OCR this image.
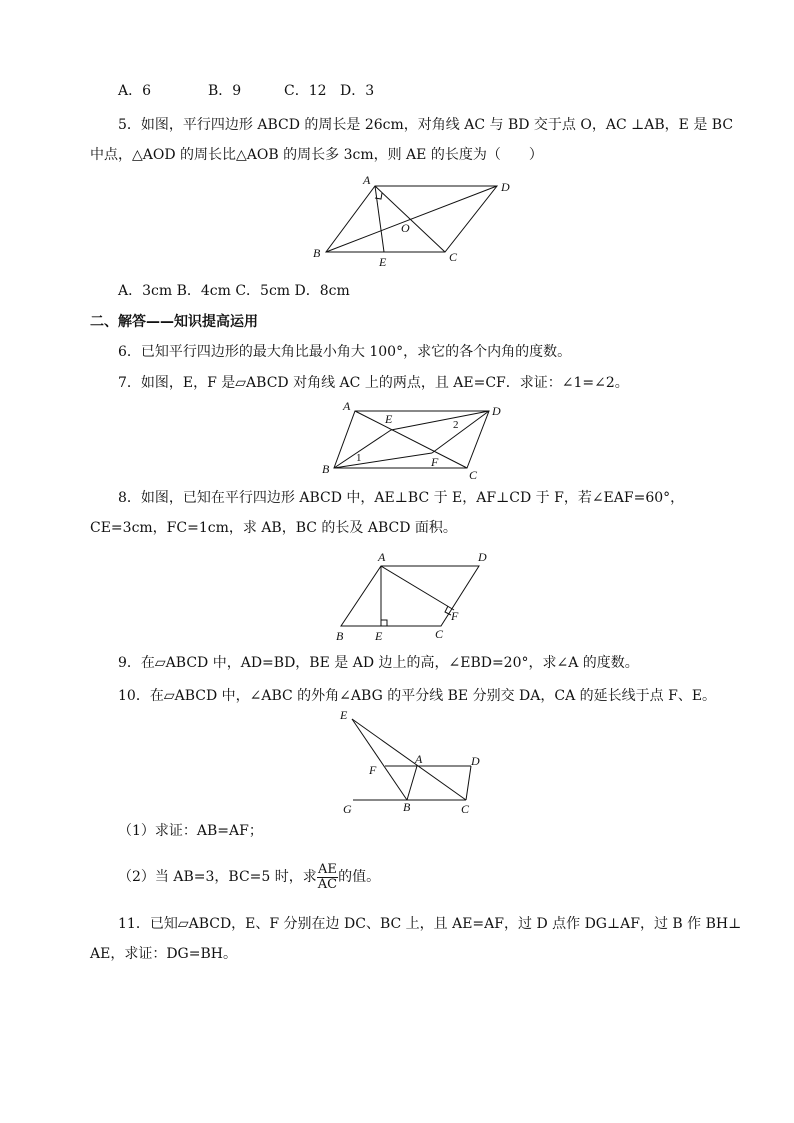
A．6	B．9	C．12 D．3
5．如图，平行四边形 ABCD 的周长是 26cm，对角线 AC 与 BD 交于点 O，AC ⊥AB，E 是 BC
中点，△AOD 的周长比△AOB 的周长多 3cm，则 AE 的长度为（　　）
A	D
O
B
E	C
A．3cm B．4cm C．5cm D．8cm
二、解答——知识提高运用
6．已知平行四边形的最大角比最小角大 100°，求它的各个内角的度数。
7．如图，E，F 是▱ABCD 对角线 AC 上的两点，且 AE=CF．求证：∠1=∠2。
A
E
D
2
1	F
B	C
8．如图，已知在平行四边形 ABCD 中，AE⊥BC 于 E，AF⊥CD 于 F，若∠EAF=60°，
CE=3cm，FC=1cm，求 AB，BC 的长及 ABCD 面积。
A	D
F
B	E	C
9．在▱ABCD 中，AD=BD，BE 是 AD 边上的高，∠EBD=20°，求∠A 的度数。
10．在▱ABCD 中，∠ABC 的外角∠ABG 的平分线 BE 分别交 DA，CA 的延长线于点 F、E。
E
A	D
F
G	B	C
（1）求证：AB=AF；
（2）当 AB=3，BC=5 时，求 $\frac{AE}{AC}$ 的值。
11．已知▱ABCD，E、F 分别在边 DC、BC 上，且 AE=AF，过 D 点作 DG⊥AF，过 B 作 BH⊥
AE，求证：DG=BH。
